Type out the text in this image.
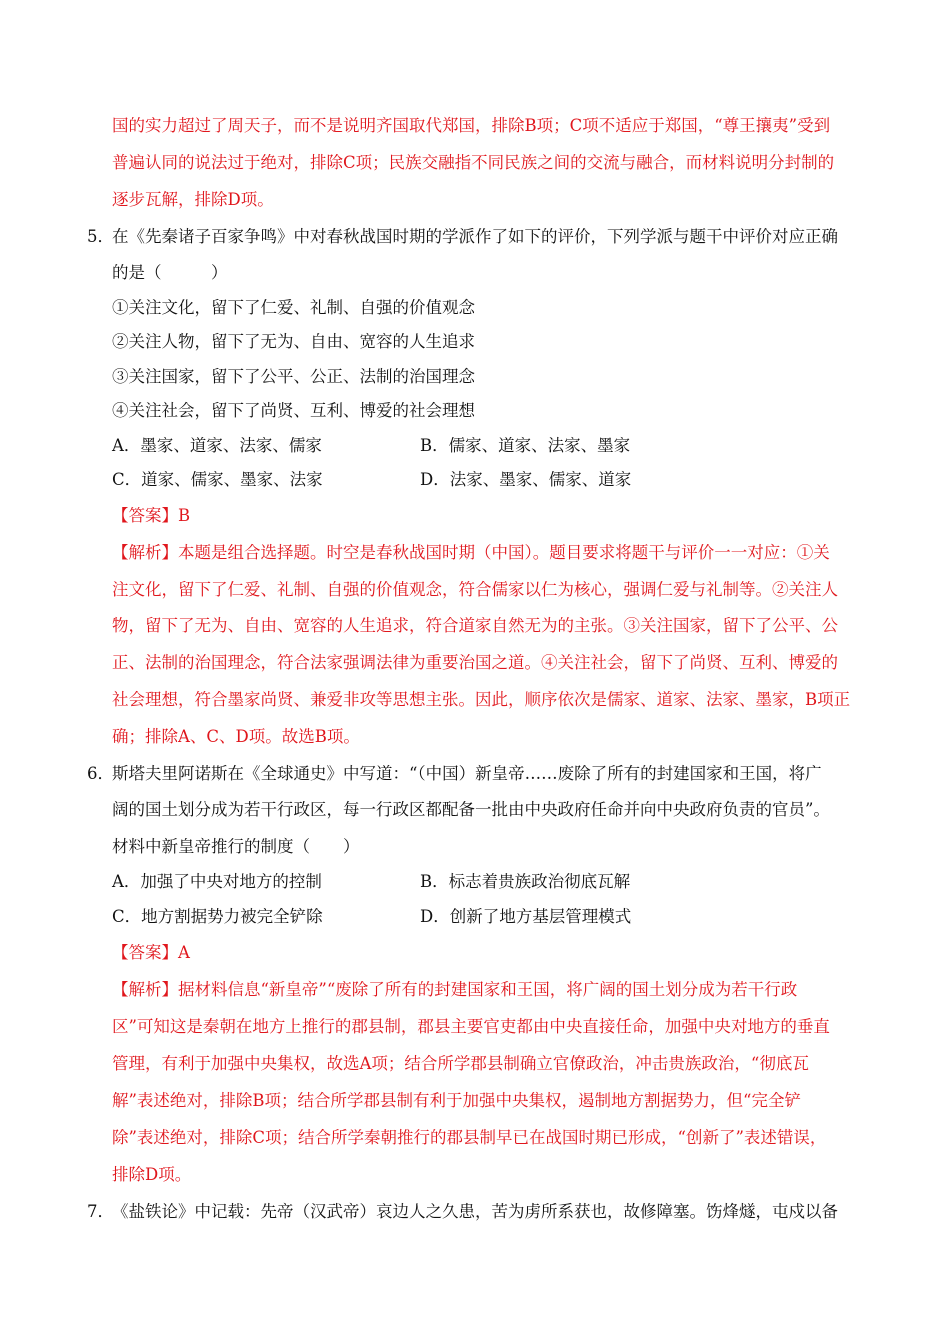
国的实力超过了周天子，而不是说明齐国取代郑国，排除B项；C项不适应于郑国，“尊王攘夷”受到
普遍认同的说法过于绝对，排除C项；民族交融指不同民族之间的交流与融合，而材料说明分封制的
逐步瓦解，排除D项。
5．
在《先秦诸子百家争鸣》中对春秋战国时期的学派作了如下的评价，下列学派与题干中评价对应正确
的是（　　　）
①关注文化，留下了仁爱、礼制、自强的价值观念
②关注人物，留下了无为、自由、宽容的人生追求
③关注国家，留下了公平、公正、法制的治国理念
④关注社会，留下了尚贤、互利、博爱的社会理想
A．墨家、道家、法家、儒家	B．儒家、道家、法家、墨家
C．道家、儒家、墨家、法家	D．法家、墨家、儒家、道家
【答案】B
【解析】本题是组合选择题。时空是春秋战国时期（中国）。题目要求将题干与评价一一对应：①关
注文化，留下了仁爱、礼制、自强的价值观念，符合儒家以仁为核心，强调仁爱与礼制等。②关注人
物，留下了无为、自由、宽容的人生追求，符合道家自然无为的主张。③关注国家，留下了公平、公
正、法制的治国理念，符合法家强调法律为重要治国之道。④关注社会，留下了尚贤、互利、博爱的
社会理想，符合墨家尚贤、兼爱非攻等思想主张。因此，顺序依次是儒家、道家、法家、墨家，B项正
确；排除A、C、D项。故选B项。
6．
斯塔夫里阿诺斯在《全球通史》中写道：“（中国）新皇帝……废除了所有的封建国家和王国，将广
阔的国土划分成为若干行政区，每一行政区都配备一批由中央政府任命并向中央政府负责的官员”。
材料中新皇帝推行的制度（　　）
A．加强了中央对地方的控制	B．标志着贵族政治彻底瓦解
C．地方割据势力被完全铲除	D．创新了地方基层管理模式
【答案】A
【解析】据材料信息“新皇帝”“废除了所有的封建国家和王国，将广阔的国土划分成为若干行政
区”可知这是秦朝在地方上推行的郡县制，郡县主要官吏都由中央直接任命，加强中央对地方的垂直
管理，有利于加强中央集权，故选A项；结合所学郡县制确立官僚政治，冲击贵族政治，“彻底瓦
解”表述绝对，排除B项；结合所学郡县制有利于加强中央集权，遏制地方割据势力，但“完全铲
除”表述绝对，排除C项；结合所学秦朝推行的郡县制早已在战国时期已形成，“创新了”表述错误，
排除D项。
7．
《盐铁论》中记载：先帝（汉武帝）哀边人之久患，苦为虏所系获也，故修障塞。饬烽燧，屯戍以备
